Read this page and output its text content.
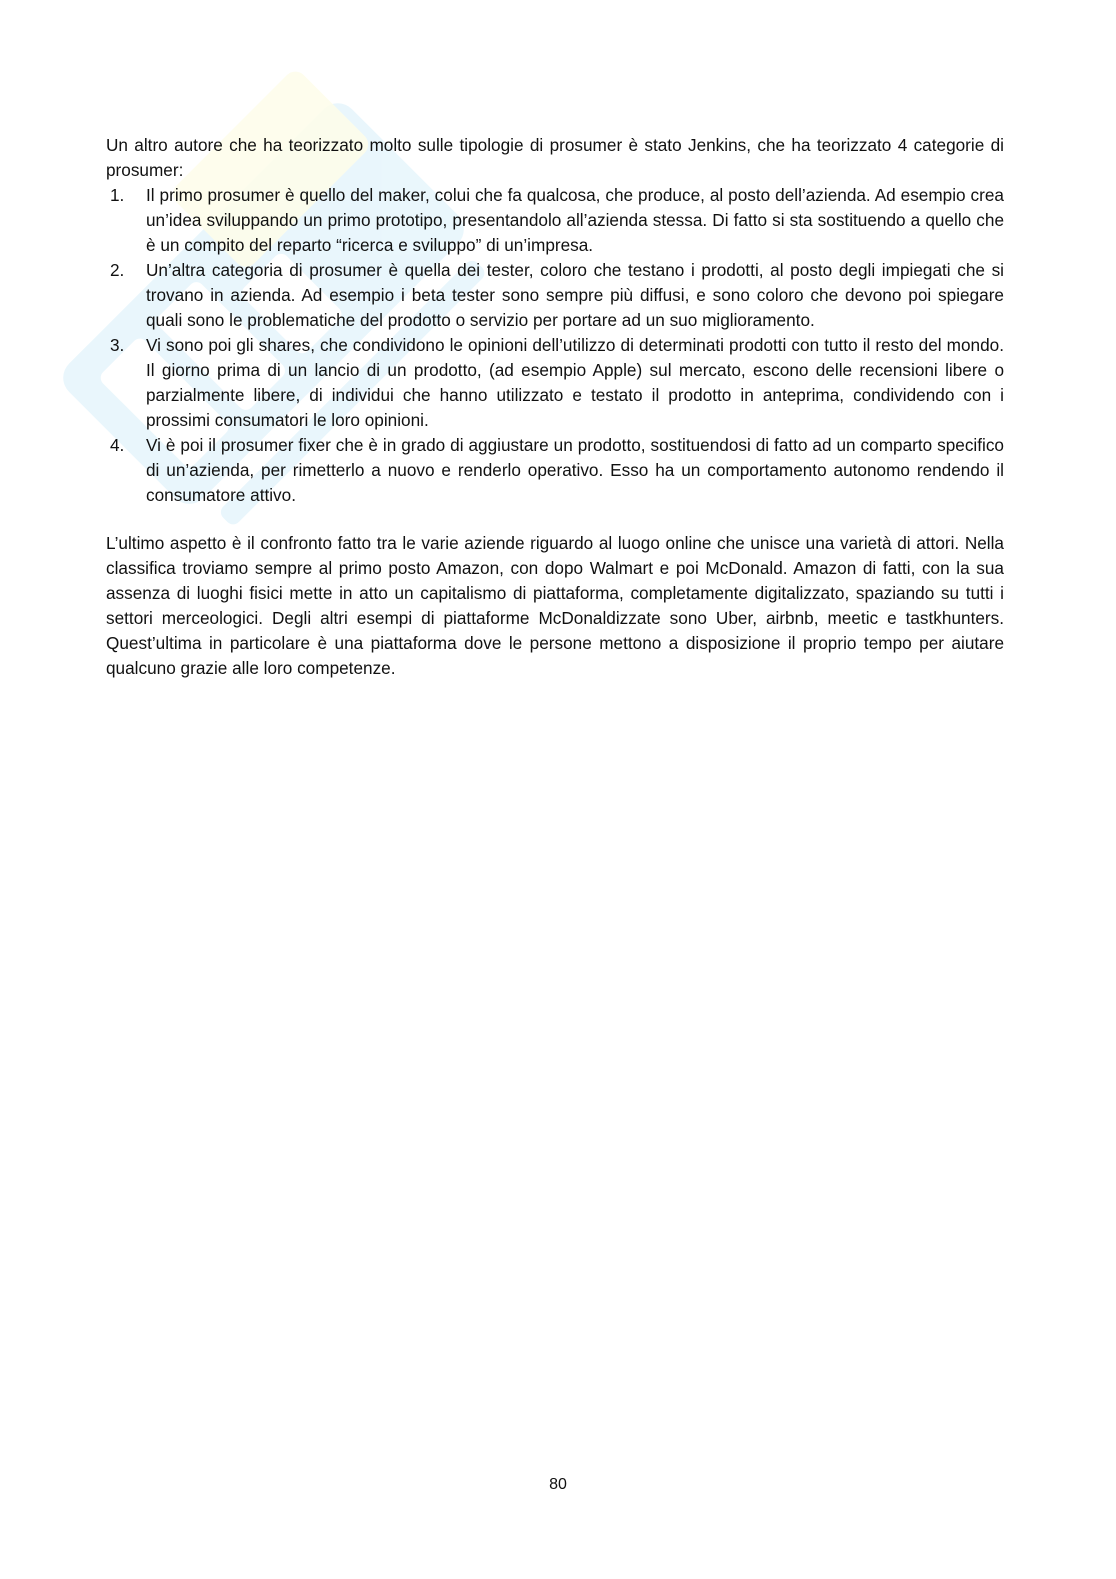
Un altro autore che ha teorizzato molto sulle tipologie di prosumer è stato Jenkins, che ha teorizzato 4 categorie di prosumer:

1. Il primo prosumer è quello del maker, colui che fa qualcosa, che produce, al posto dell’azienda. Ad esempio crea un’idea sviluppando un primo prototipo, presentandolo all’azienda stessa. Di fatto si sta sostituendo a quello che è un compito del reparto “ricerca e sviluppo” di un’impresa.
2. Un’altra categoria di prosumer è quella dei tester, coloro che testano i prodotti, al posto degli impiegati che si trovano in azienda. Ad esempio i beta tester sono sempre più diffusi, e sono coloro che devono poi spiegare quali sono le problematiche del prodotto o servizio per portare ad un suo miglioramento.
3. Vi sono poi gli shares, che condividono le opinioni dell’utilizzo di determinati prodotti con tutto il resto del mondo. Il giorno prima di un lancio di un prodotto, (ad esempio Apple) sul mercato, escono delle recensioni libere o parzialmente libere, di individui che hanno utilizzato e testato il prodotto in anteprima, condividendo con i prossimi consumatori le loro opinioni.
4. Vi è poi il prosumer fixer che è in grado di aggiustare un prodotto, sostituendosi di fatto ad un comparto specifico di un’azienda, per rimetterlo a nuovo e renderlo operativo. Esso ha un comportamento autonomo rendendo il consumatore attivo.

L’ultimo aspetto è il confronto fatto tra le varie aziende riguardo al luogo online che unisce una varietà di attori. Nella classifica troviamo sempre al primo posto Amazon, con dopo Walmart e poi McDonald. Amazon di fatti, con la sua assenza di luoghi fisici mette in atto un capitalismo di piattaforma, completamente digitalizzato, spaziando su tutti i settori merceologici. Degli altri esempi di piattaforme McDonaldizzate sono Uber, airbnb, meetic e tastkhunters. Quest’ultima in particolare è una piattaforma dove le persone mettono a disposizione il proprio tempo per aiutare qualcuno grazie alle loro competenze.

80
